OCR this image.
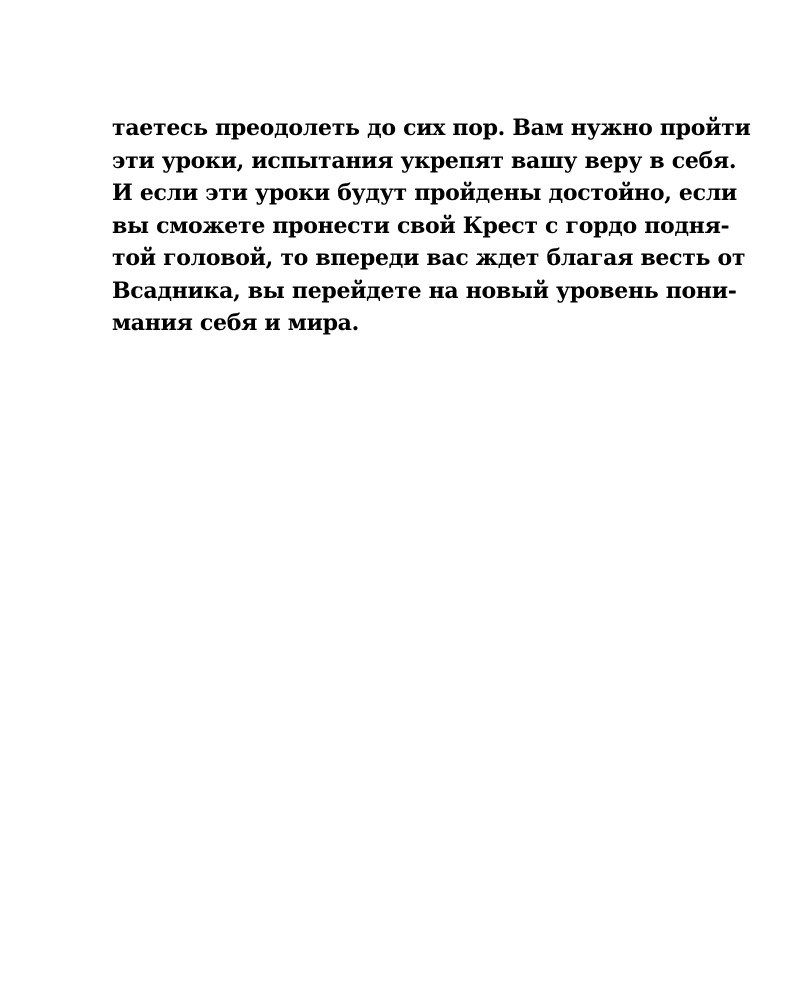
таетесь преодолеть до сих пор. Вам нужно пройти
эти уроки, испытания укрепят вашу веру в себя.
И если эти уроки будут пройдены достойно, если
вы сможете пронести свой Крест с гордо подня-
той головой, то впереди вас ждет благая весть от
Всадника, вы перейдете на новый уровень пони-
мания себя и мира.
